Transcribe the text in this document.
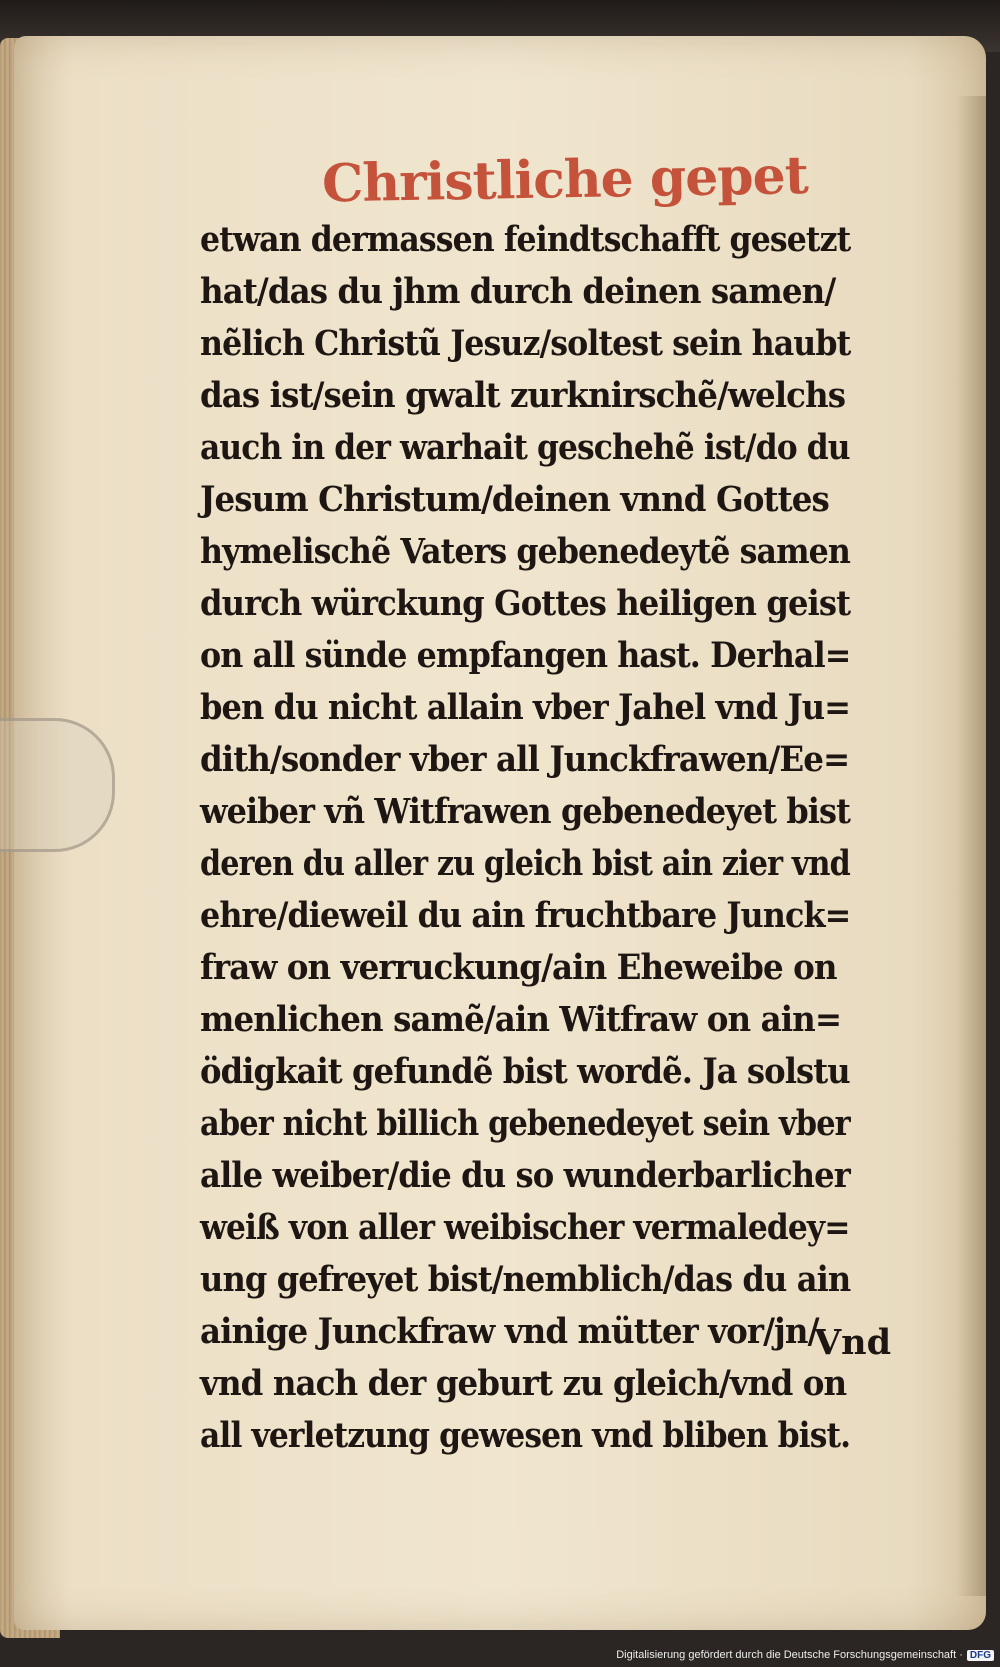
Christliche gepet
etwan dermassen feindtschafft gesetzt
hat/das du jhm durch deinen samen/
nẽlich Christũ Jesuz/soltest sein haubt
das ist/sein gwalt zurknirschẽ/welchs
auch in der warhait geschehẽ ist/do du
Jesum Christum/deinen vnnd Gottes
hymelischẽ Vaters gebenedeytẽ samen
durch würckung Gottes heiligen geist
on all sünde empfangen hast. Derhal=
ben du nicht allain vber Jahel vnd Ju=
dith/sonder vber all Junckfrawen/Ee=
weiber vñ Witfrawen gebenedeyet bist
deren du aller zu gleich bist ain zier vnd
ehre/dieweil du ain fruchtbare Junck=
fraw on verruckung/ain Eheweibe on
menlichen samẽ/ain Witfraw on ain=
ödigkait gefundẽ bist wordẽ. Ja solstu
aber nicht billich gebenedeyet sein vber
alle weiber/die du so wunderbarlicher
weiß von aller weibischer vermaledey=
ung gefreyet bist/nemblich/das du ain
ainige Junckfraw vnd mütter vor/jn/
vnd nach der geburt zu gleich/vnd on
all verletzung gewesen vnd bliben bist.
Vnd
Digitalisierung gefördert durch die Deutsche Forschungsgemeinschaft · DFG
